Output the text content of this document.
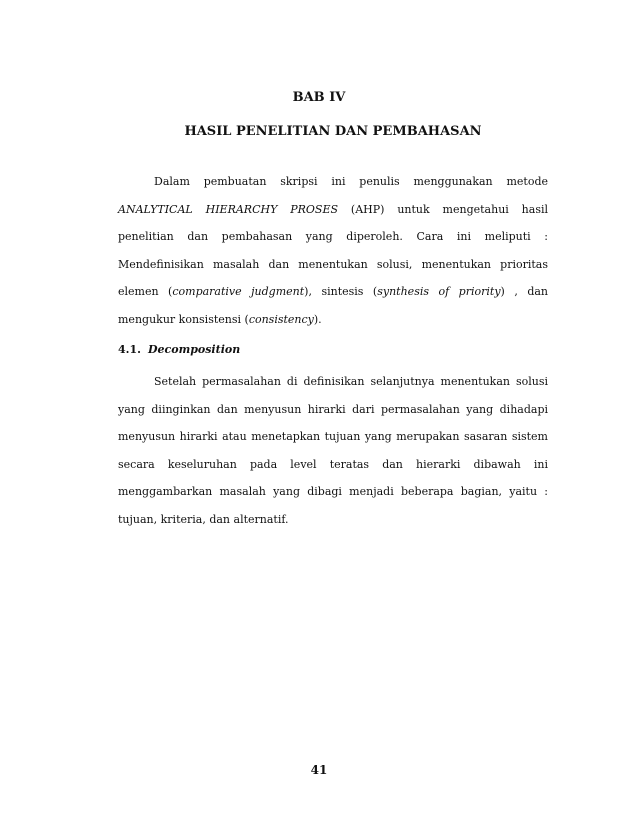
BAB IV
HASIL PENELITIAN DAN PEMBAHASAN

Dalam pembuatan skripsi ini penulis menggunakan metode ANALYTICAL HIERARCHY PROSES (AHP) untuk mengetahui hasil penelitian dan pembahasan yang diperoleh. Cara ini meliputi : Mendefinisikan masalah dan menentukan solusi, menentukan prioritas elemen (comparative judgment), sintesis (synthesis of priority) , dan mengukur konsistensi (consistency).

4.1. Decomposition

Setelah permasalahan di definisikan selanjutnya menentukan solusi yang diinginkan dan menyusun hirarki dari permasalahan yang dihadapi menyusun hirarki atau menetapkan tujuan yang merupakan sasaran sistem secara keseluruhan pada level teratas dan hierarki dibawah ini menggambarkan masalah yang dibagi menjadi beberapa bagian, yaitu : tujuan, kriteria, dan alternatif.

41
